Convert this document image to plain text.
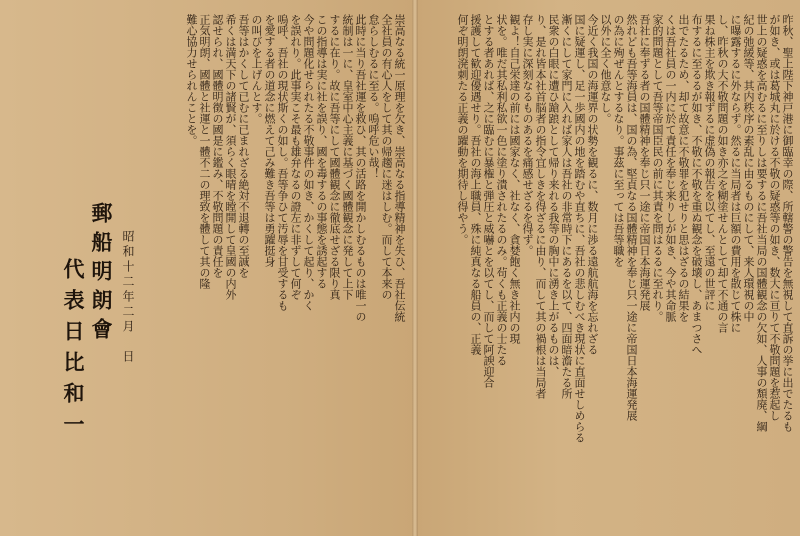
昨秋、聖上陛下神戸港に御臨幸の際、所轄警の警告を無視して直訴の挙に出でたるも
が如き、或は葛城丸に於ける不敬の疑惑等の如き、数大に亘りて不敬問題を惹起し
世上の疑惑を高むるに至りしは要するに吾社当局の国體観念の欠如、人事の頽廃、綱
紀の弛緩等、其内秩序の素乱に由るものにして、来人環視の中
に曝露するに外ならず。然るに当局者は巨額の費用を散じて株に
し、昨秋の大不敬問題の如き亦之を糊塗せんとして却て不通の言
果ね株主を欺き報ずるに虚偽の報告を以てし、至遠の世評に
布するに至るるが如き、不敬に不敬を重ぬ観念を破壊し、あまつさへ
出でたるため、却て故意に不敬罪を犯せりと思はざるの結果を
くは吾社員の一内に於て責任を奉じ来りしが如き、今や其命脈
家的問題として吾等帝国臣民の前に其責を問はるるに至れり。
吾社に奉ずる者の国體精神を奉じ只一途に帝国日本海運発展
然れども吾等海員は、国の為、堅貞なる国體精神を奉じ只一途に帝国日本海運発展
の為に殉ぜんとするなり。事茲に至っては吾等職を
以外に全く他意なし。
今近く我国の海運界の状勢を観るに、数月に渉る遠航航海を忘れざる
国に疑運し、足一歩國内の地を踏むや直ちに、吾社の悲しむべき現状に直面せしめらる
漸くにして家門に入れば家人は吾社の非常時下にあるを以て、四面暗澹たる所
民衆の白眼に遭ひ蹌踉として帰り来れる我等の胸中に湧き上がるものは、
り、是れ皆本社首脳者の指令宜しきを得ざるに由り、而して其の禍根は当局者
存し実に深刻なるものあるを痛感せざるを得ず。
観よ！自己栄達の前には國家なく、社なく、貪婪飽く無き社内の現
状を。唯だ其私利私欲一色に塗り潰されたるのみ。茍くも正義の士たる
とする者あれば、之に臨むに暴権と弾圧と威嚇とを以てし、而して阿諛迎合
援護して歓迎優遇せり。吾社の海上職員、殊に純真なる船員の、正義
何ぞ明朗溌刺たる正義の躍動を期待し得やう。
崇高なる統一原理を欠き、崇高なる指導精神を失ひ、吾社伝統
全社員の有心人をして其の帰趨に迷はしむ。而して本来の
怠らしむるに至る。嗚呼危い哉！
此時に当り吾社運を救ひ、其の活路を開かしむるものは唯一の
統制は一に、皇室中心主義に基づく國體観念に発して上下
するに在り。故に吾等にして國體観念に徹底せざる限り真
この指導は実に社を誤り、國を毒するの事態を誘起する
今や問題化せられたる不敬事件の如き、かくして起り、かく
を誤れり。此事実こそ最も雄弁なるの證左に非ずして何ぞ
嗚呼、吾社の現状斯くの如し。吾等争ひて汚辱を甘受するも
を愛する者の道念に燃えて己み難き吾等は勇躍挺身
の叫びを上げんとす。
吾等はかくして已むに已まれざる絶対不退轉の至誠を
希くは満天下の諸賢が、須らく眼晴を瞠開して皇國の内外
認せられ、國體明徴の國是に鑑み、不敬問題の責任を
正気明朗、國體と社運と一體不二の理致を體して其の隆
難心協力せられんことを。
昭和十二年二月　日
郵船明朗會
代表日比和一
